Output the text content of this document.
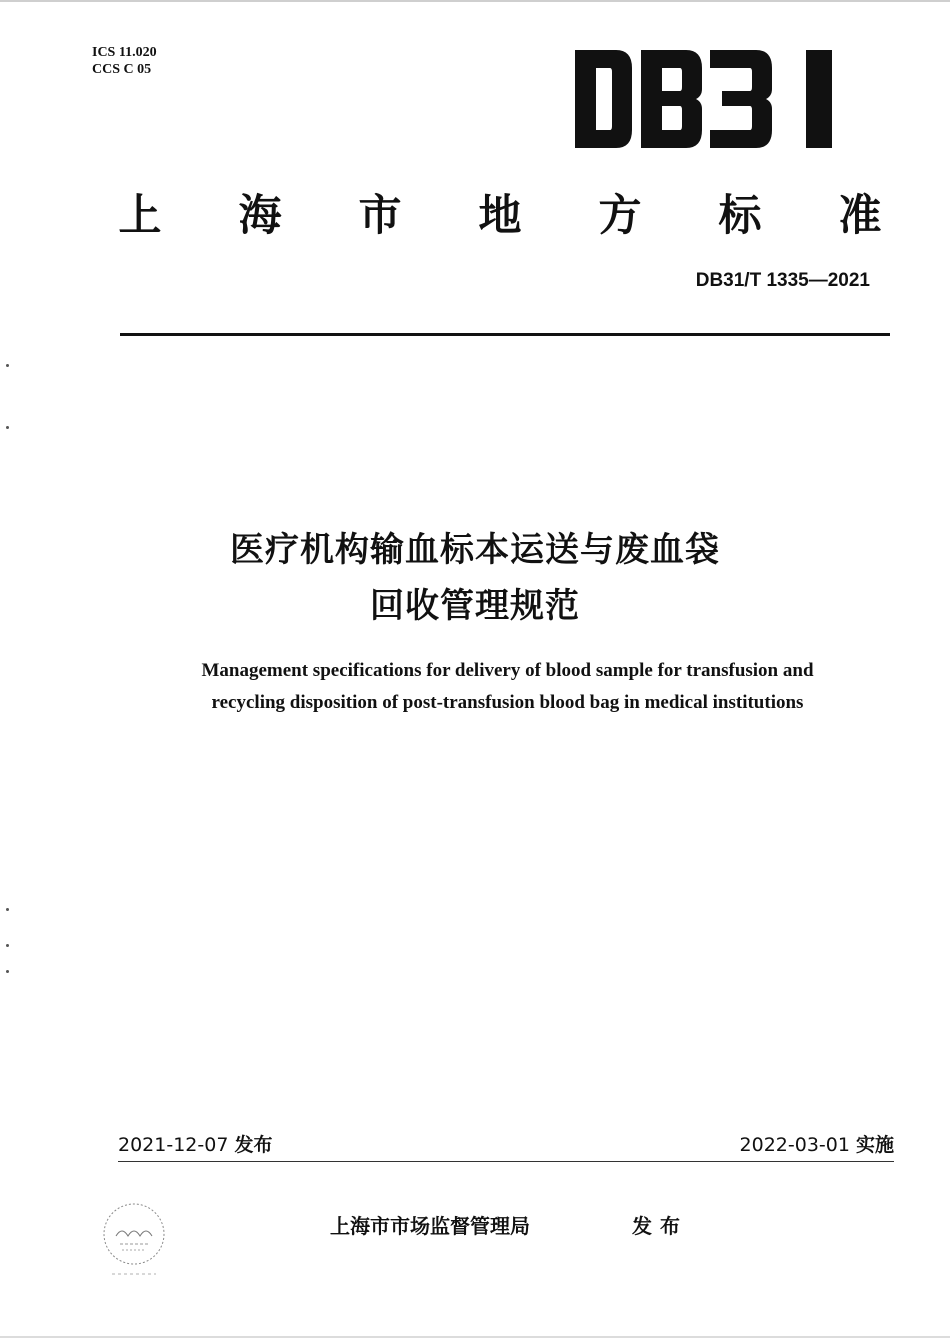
ICS 11.020
CCS C 05
上 海 市 地 方 标 准
DB31/T 1335—2021
医疗机构输血标本运送与废血袋
回收管理规范
Management specifications for delivery of blood sample for transfusion and
recycling disposition of post-transfusion blood bag in medical institutions
2021-12-07 发布	2022-03-01 实施
上海市市场监督管理局	发布
